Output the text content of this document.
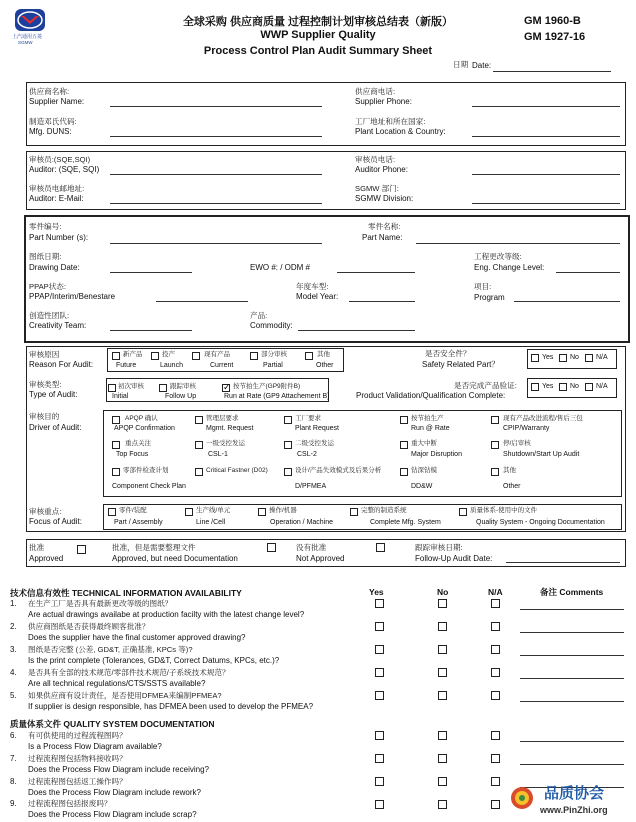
上汽通用五菱
SGMW
全球采购 供应商质量 过程控制计划审核总结表（新版）
WWP Supplier Quality
Process Control Plan Audit Summary Sheet
GM 1960-B
GM 1927-16
日期 Date:
供应商名称:
Supplier Name:
供应商电话:
Supplier Phone:
制造邓氏代码:
Mfg. DUNS:
工厂地址和所在国家:
Plant Location & Country:
审核员:(SQE,SQI)
Auditor: (SQE, SQI)
审核员电话:
Auditor Phone:
审核员电邮地址:
Auditor: E-Mail:
SGMW 部门:
SGMW Division:
零件编号:
Part Number (s):
零件名称:
Part Name:
图纸日期:
Drawing Date:	EWO #: / ODM #
工程更改等级:
Eng. Change Level:
PPAP状态:
PPAP/Interim/Benestare
年度车型:
Model Year:
项目:
Program
创造性团队:
Creativity Team:
产品:
Commodity:
审核原因
Reason For Audit:
新产品
Future
投产
Launch
现有产品
Current
部分审核
Partial
其他
Other
是否安全件？
Safety Related Part？
Yes No N/A
审核类型:
Type of Audit:
初次审核
Initial
跟踪审核
Follow Up
✓
按节拍生产(GP9附件B)
Run at Rate (GP9 Attachement B)
是否完成产品验证:
Product Validation/Qualification Complete:
Yes No N/A
审核目的
Driver of Audit:
APQP 确认
APQP Confirmation
管理层要求
Mgmt. Request
工厂要求
Plant Request
按节拍生产
Run @ Rate
现有产品改进流程/售后三包
CPIP/Warranty
重点关注
Top Focus
一级受控发运
CSL-1
二级受控发运
CSL-2
重大中断
Major Disruption
停/启审核
Shutdown/Start Up Audit
零部件检查计划
Component Check Plan
Critical Fastner (D02)	设计/产品失效模式及后果分析
D/PFMEA
钻深钻模
DD&W
其他
Other
审核重点:
Focus of Audit:
零件/装配
Part / Assembly
生产线/单元
Line /Cell
操作/机器
Operation / Machine
完整的制造系统
Complete Mfg. System
质量体系-使用中的文件
Quality System - Ongoing Documentation
批准
Approved
批准，但是需要整理文件
Approved, but need Documentation
没有批准
Not Approved
跟踪审核日期:
Follow-Up Audit Date:
技术信息有效性 TECHNICAL INFORMATION AVAILABILITY	Yes	No	N/A	备注 Comments
1. 在生产工厂是否具有最新更改等级的图纸？
Are actual drawings availabe at production facilty with the latest change level?
2. 供应商图纸是否获得最终顾客批准？
Does the supplier have the final customer approved drawing?
3. 图纸是否完整 (公差, GD&T, 正确基准, KPCs 等)?
Is the print complete (Tolerances, GD&T, Correct Datums, KPCs, etc.)?
4. 是否具有全部的技术规范/零部件技术规范/子系统技术规范？
Are all technical regulations/CTS/SSTS available?
5. 如果供应商有设计责任，是否使用DFMEA来编制PFMEA?
If supplier is design responsible, has DFMEA been used to develop the PFMEA?
质量体系文件 QUALITY SYSTEM DOCUMENTATION
6. 有可供使用的过程流程图吗？
Is a Process Flow Diagram available?
7. 过程流程图包括物料接收吗？
Does the Process Flow Diagram include receiving?
8. 过程流程图包括返工操作吗？
Does the Process Flow Diagram include rework?
9. 过程流程图包括报废吗？
Does the Process Flow Diagram include scrap?
品质协会
www.PinZhi.org
